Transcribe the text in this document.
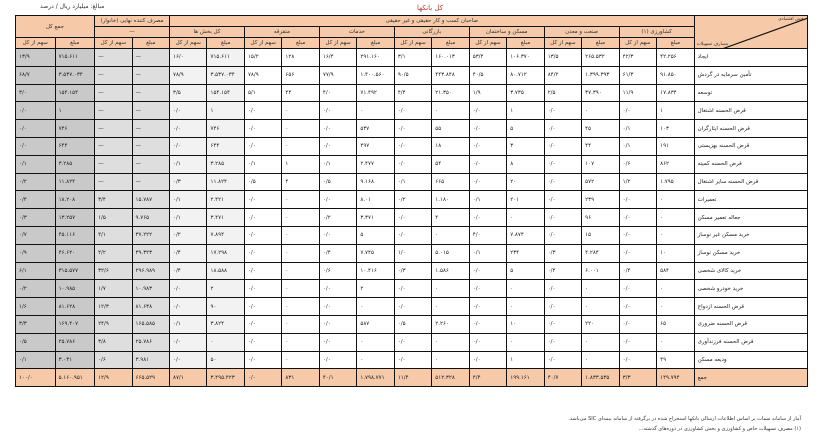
مبالغ: میلیارد ریال / درصد	کل بانکها
بخش اقتصادی
مصارف تسهیلات	صاحبان کسب و کار حقیقی و غیر حقیقی														مصرف کننده نهایی (خانوار)		جمع کل	
	کشاورزی (۱)		صنعت و معدن		مسکن و ساختمان		بازرگانی		خدمات		متفرقه		کل بخش ها		—			
	مبلغ	سهم از کل	مبلغ	سهم از کل	مبلغ	سهم از کل	مبلغ	سهم از کل	مبلغ	سهم از کل	مبلغ	سهم از کل	مبلغ	سهم از کل	مبلغ	سهم از کل	مبلغ	سهم از کل
ایجاد	۴۲.۲۵۶	۴۲/۳	۲۶۵.۵۳۲	۱۳/۵	۱۰۶.۳۷۰	۵۳/۴	۱۶۰.۰۱۳	۳/۱	۲۹۱.۱۶۰	۱۶/۴	۱۲۸	۱۵/۲	۷۱۵.۶۱۱	۱۶/۰	—	—	۷۱۵.۶۱۱	۱۳/۹
تأمین سرمایه در گردش	۹۱.۸۵۰	۶۱/۳	۱.۳۹۹.۳۹۳	۸۴/۲	۸۰.۷۱۲	۴۰/۵	۴۴۳.۸۴۸	۹۰/۵	۱.۴۰۰.۵۶۰	۷۷/۹	۶۵۶	۷۸/۹	۳.۵۳۷.۰۳۴	۷۸/۹	—	—	۳.۵۳۷.۰۳۴	۶۸/۷
توسعه	۱۷.۸۳۴	۱۱/۹	۳۷.۳۹۰	۲/۵	۳.۷۳۵	۱/۹	۲۱.۳۵۰	۴/۴	۷۱.۴۹۲	۴/۰	۴۴	۵/۱	۱۵۴.۱۵۴	۳/۵	—	—	۱۵۴.۱۵۴	۳/۰
قرض الحسنه اشتغال	۱	۰/۰	۰	۰/۰	۱	۰/۰	۰	۰/۰	۰	۰/۰	۰	۰/۰	۱	۰/۰	—	—	۱	۰/۰
قرض الحسنه ایثارگران	۱۰۳	۰/۱	۴۵	۰/۰	۵	۰/۰	۵۵	۰/۰	۵۳۷	۰/۰	۰	۰/۰	۷۴۶	۰/۰	—	—	۷۴۶	۰/۰
قرض الحسنه بهزیستی	۱۹۱	۰/۱	۴۴	۰/۰	۳	۰/۰	۱۸	۰/۰	۴۹۷	۰/۰	۰	۰/۰	۶۴۴	۰/۰	—	—	۶۴۴	۰/۰
قرض الحسنه کمیته	۸۶۲	۰/۶	۱۰۷	۰/۰	۸	۰/۰	۵۴	۰/۰	۲.۴۷۷	۰/۱	۱	۰/۱	۳.۲۸۵	۰/۱	—	—	۳.۲۸۵	۰/۱
قرض الحسنه سایر اشتغال	۱.۷۹۵	۱/۲	۵۷۲	۰/۰	۲۰	۰/۰	۶۶۵	۰/۱	۹.۱۶۸	۰/۵	۴	۰/۵	۱۱.۸۲۴	۰/۳	—	—	۱۱.۸۲۴	۰/۲
تعمیرات	۰	۰/۰	۲۳۹	۰/۰	۲۰۱	۰/۱	۱.۱۸۰	۰/۲	۸.۰۱	۰/۰	۰	۰/۰	۲.۴۲۱	۰/۱	۱۵.۷۸۷	۳/۴	۱۸.۲۰۸	۰/۴
جعاله تعمیر مسکن	۰	۰/۰	۹۶	۰/۰	۰	۰/۰	۴	۰/۰	۳.۳۷۱	۰/۲	۰	۰/۰	۳.۴۷۱	۰/۱	۹.۷۶۵	۱/۵	۱۳.۲۵۷	۰/۳
خرید مسکن غیر نوساز	۰	۰/۰	۱۵	۰/۰	۷.۸۷۴	۴/۰	۰	۰/۰	۵	۰/۰	۰	۰/۰	۷.۸۹۴	۰/۲	۳۷.۲۲۲	۴/۱	۴۵.۱۱۶	۰/۷
خرید مسکن نوساز	۱۰	۰/۰	۴.۲۸۴	۰/۳	۲۳۴	۰/۱	۵.۰۱۵	۱/۰	۷.۷۴۵	۰/۴	۰	۰/۰	۱۷.۲۹۸	۰/۴	۳۹.۳۲۳	۴/۲	۴۶.۶۲۰	۰/۹
خرید کالای شخصی	۵۸۴	۰/۴	۶.۰۰۱	۰/۴	۵	۰/۰	۱.۵۸۶	۰/۳	۱۰.۴۱۶	۰/۶	۰	۰/۰	۱۸.۵۸۸	۰/۴	۲۹۶.۹۸۹	۳۲/۶	۳۱۵.۵۷۷	۶/۱
خرید خودرو شخصی	۰	۰/۰	۰	۰/۰	۰	۰/۰	۰	۰/۰	۲	۰/۰	۰	۰/۰	۲	۰/۰	۱۰.۹۸۳	۱/۷	۱۰.۹۸۵	۰/۲
قرض الحسنه ازدواج	۰	۰/۰	۰	۰/۰	۰	۰/۰	۰	۰/۰	۰	۰/۰	۰	۰/۰	۹۰	۰/۰	۸۱.۶۳۸	۱۲/۳	۸۱.۶۲۸	۱/۶
قرض الحسنه ضروری	۶۵	۰/۰	۲۲۰	۰/۰	۱۰	۰/۰	۲.۲۶۰	۰/۵	۵۸۷	۰/۰	۰	۰/۰	۳.۸۲۴	۰/۱	۱۶۵.۵۸۵	۲۴/۹	۱۶۹.۴۰۷	۳/۳
قرض الحسنه فرزندآوری	۰	۰/۰	۰	۰/۰	۰	۰/۰	۰	۰/۰	۰	۰/۰	۰	۰/۰	۰	۰/۰	۲۵.۷۸۶	۳/۸	۲۵.۷۸۶	۰/۵
ودیعه مسکن	۴۹	۰/۰	۰	۰/۰	۱	۰/۰	۰	۰/۰	۰	۰/۰	۰	۰/۰	۵۰	۰/۰	۳.۹۸۱	۰/۶	۳.۰۳۱	۰/۱
جمع	۱۴۹.۷۹۴	۳/۳	۱.۸۳۳.۵۳۵	۴۰/۷	۱۹۹.۱۶۱	۴/۴	۵۱۲.۳۲۸	۱۱/۴	۱.۷۹۸.۷۷۱	۴۰/۱	۸۳۱	۰/۰	۳.۴۹۵.۴۲۳	۸۷/۱	۶۶۵.۵۲۹	۱۲/۹	۵.۱۶۰.۹۵۱	۱۰۰/۰
آمار از سامانه سمات بر اساس اطلاعات ارسالی بانکها استخراج شده در برگرفته از سامانه بیمه‌ای SIC می‌باشد.
(۱) مصرف تسهیلات خاص و کشاورزی و بخش کشاورزی در دوره‌های گذشته...
